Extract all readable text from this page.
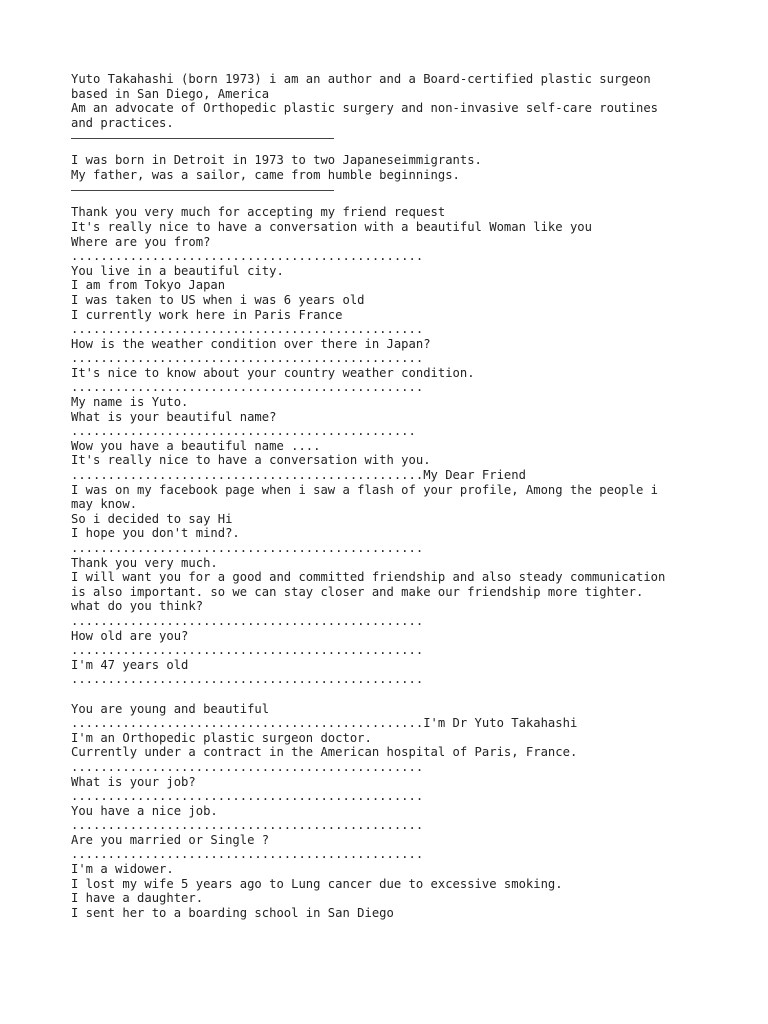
Yuto Takahashi (born 1973) i am an author and a Board-certified plastic surgeon
based in San Diego, America
Am an advocate of Orthopedic plastic surgery and non-invasive self-care routines
and practices.

I was born in Detroit in 1973 to two Japaneseimmigrants.
My father, was a sailor, came from humble beginnings.

Thank you very much for accepting my friend request
It's really nice to have a conversation with a beautiful Woman like you
Where are you from?
................................................
You live in a beautiful city.
I am from Tokyo Japan
I was taken to US when i was 6 years old
I currently work here in Paris France
................................................
How is the weather condition over there in Japan?
................................................
It's nice to know about your country weather condition.
................................................
My name is Yuto.
What is your beautiful name?
...............................................
Wow you have a beautiful name ....
It's really nice to have a conversation with you.
................................................My Dear Friend
I was on my facebook page when i saw a flash of your profile, Among the people i
may know.
So i decided to say Hi
I hope you don't mind?.
................................................
Thank you very much.
I will want you for a good and committed friendship and also steady communication
is also important. so we can stay closer and make our friendship more tighter.
what do you think?
................................................
How old are you?
................................................
I'm 47 years old
................................................

You are young and beautiful
................................................I'm Dr Yuto Takahashi
I'm an Orthopedic plastic surgeon doctor.
Currently under a contract in the American hospital of Paris, France.
................................................
What is your job?
................................................
You have a nice job.
................................................
Are you married or Single ?
................................................
I'm a widower.
I lost my wife 5 years ago to Lung cancer due to excessive smoking.
I have a daughter.
I sent her to a boarding school in San Diego
